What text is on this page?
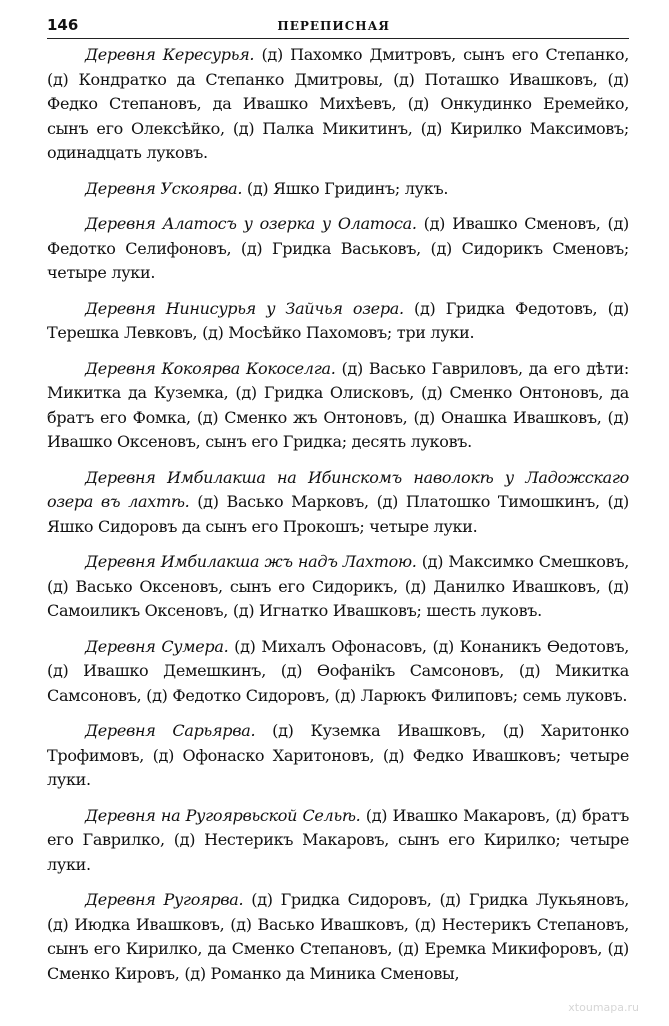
146	ПЕРЕПИСНАЯ

Деревня Кересурья. (д) Пахомко Дмитровъ, сынъ его Степанко, (д) Кондратко да Степанко Дмитровы, (д) Поташко Ивашковъ, (д) Федко Степановъ, да Ивашко Михѣевъ, (д) Онкудинко Еремейко, сынъ его Олексѣйко, (д) Палка Микитинъ, (д) Кирилко Максимовъ; одинадцать луковъ.

Деревня Ускоярва. (д) Яшко Гридинъ; лукъ.

Деревня Алатосъ у озерка у Олатоса. (д) Ивашко Сменовъ, (д) Федотко Селифоновъ, (д) Гридка Васьковъ, (д) Сидорикъ Сменовъ; четыре луки.

Деревня Нинисурья у Зайчья озера. (д) Гридка Федотовъ, (д) Терешка Левковъ, (д) Мосѣйко Пахомовъ; три луки.

Деревня Кокоярва Кокоселга. (д) Васько Гавриловъ, да его дѣти: Микитка да Куземка, (д) Гридка Олисковъ, (д) Сменко Онтоновъ, да братъ его Фомка, (д) Сменко жъ Онтоновъ, (д) Онашка Ивашковъ, (д) Ивашко Оксеновъ, сынъ его Гридка; десять луковъ.

Деревня Имбилакша на Ибинскомъ наволокѣ у Ладожскаго озера въ лахтѣ. (д) Васько Марковъ, (д) Платошко Тимошкинъ, (д) Яшко Сидоровъ да сынъ его Прокошъ; четыре луки.

Деревня Имбилакша жъ надъ Лахтою. (д) Максимко Смешковъ, (д) Васько Оксеновъ, сынъ его Сидорикъ, (д) Данилко Ивашковъ, (д) Самоиликъ Оксеновъ, (д) Игнатко Ивашковъ; шесть луковъ.

Деревня Сумера. (д) Михалъ Офонасовъ, (д) Конаникъ Ѳедотовъ, (д) Ивашко Демешкинъ, (д) Ѳофанikъ Самсоновъ, (д) Микитка Самсоновъ, (д) Федотко Сидоровъ, (д) Ларюкъ Филиповъ; семь луковъ.

Деревня Сарьярва. (д) Куземка Ивашковъ, (д) Харитонко Трофимовъ, (д) Офонаско Харитоновъ, (д) Федко Ивашковъ; четыре луки.

Деревня на Ругоярвьской Сельѣ. (д) Ивашко Макаровъ, (д) братъ его Гаврилко, (д) Нестерикъ Макаровъ, сынъ его Кирилко; четыре луки.

Деревня Ругоярва. (д) Гридка Сидоровъ, (д) Гридка Лукьяновъ, (д) Июдка Ивашковъ, (д) Васько Ивашковъ, (д) Нестерикъ Степановъ, сынъ его Кирилко, да Сменко Степановъ, (д) Еремка Микифоровъ, (д) Сменко Кировъ, (д) Романко да Миника Сменовы,

xtoumapa.ru
